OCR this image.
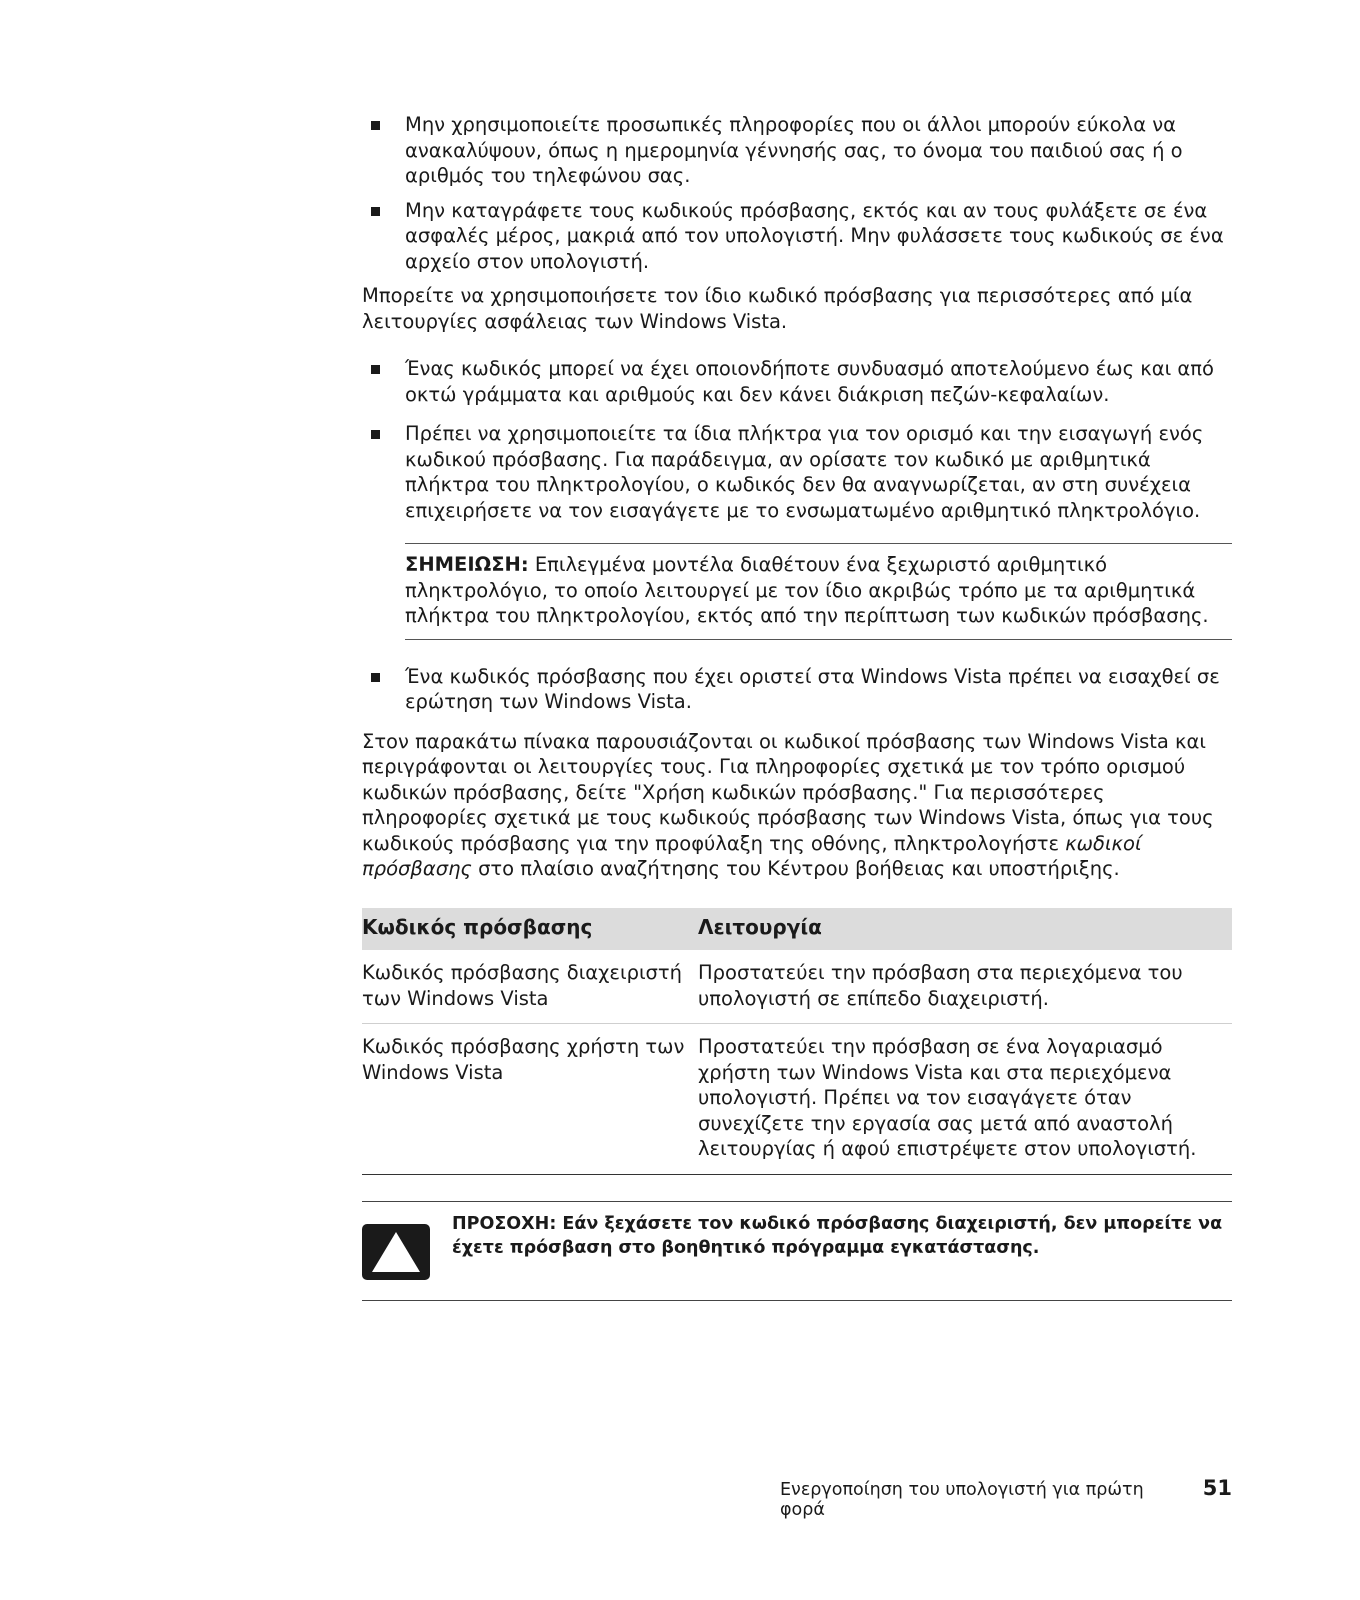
Μην χρησιμοποιείτε προσωπικές πληροφορίες που οι άλλοι μπορούν εύκολα να ανακαλύψουν, όπως η ημερομηνία γέννησής σας, το όνομα του παιδιού σας ή ο αριθμός του τηλεφώνου σας.
Μην καταγράφετε τους κωδικούς πρόσβασης, εκτός και αν τους φυλάξετε σε ένα ασφαλές μέρος, μακριά από τον υπολογιστή. Μην φυλάσσετε τους κωδικούς σε ένα αρχείο στον υπολογιστή.

Μπορείτε να χρησιμοποιήσετε τον ίδιο κωδικό πρόσβασης για περισσότερες από μία λειτουργίες ασφάλειας των Windows Vista.

Ένας κωδικός μπορεί να έχει οποιονδήποτε συνδυασμό αποτελούμενο έως και από οκτώ γράμματα και αριθμούς και δεν κάνει διάκριση πεζών-κεφαλαίων.
Πρέπει να χρησιμοποιείτε τα ίδια πλήκτρα για τον ορισμό και την εισαγωγή ενός κωδικού πρόσβασης. Για παράδειγμα, αν ορίσατε τον κωδικό με αριθμητικά πλήκτρα του πληκτρολογίου, ο κωδικός δεν θα αναγνωρίζεται, αν στη συνέχεια επιχειρήσετε να τον εισαγάγετε με το ενσωματωμένο αριθμητικό πληκτρολόγιο.
ΣΗΜΕΙΩΣΗ: Επιλεγμένα μοντέλα διαθέτουν ένα ξεχωριστό αριθμητικό πληκτρολόγιο, το οποίο λειτουργεί με τον ίδιο ακριβώς τρόπο με τα αριθμητικά πλήκτρα του πληκτρολογίου, εκτός από την περίπτωση των κωδικών πρόσβασης.
Ένα κωδικός πρόσβασης που έχει οριστεί στα Windows Vista πρέπει να εισαχθεί σε ερώτηση των Windows Vista.

Στον παρακάτω πίνακα παρουσιάζονται οι κωδικοί πρόσβασης των Windows Vista και περιγράφονται οι λειτουργίες τους. Για πληροφορίες σχετικά με τον τρόπο ορισμού κωδικών πρόσβασης, δείτε "Χρήση κωδικών πρόσβασης." Για περισσότερες πληροφορίες σχετικά με τους κωδικούς πρόσβασης των Windows Vista, όπως για τους κωδικούς πρόσβασης για την προφύλαξη της οθόνης, πληκτρολογήστε κωδικοί πρόσβασης στο πλαίσιο αναζήτησης του Κέντρου βοήθειας και υποστήριξης.

Κωδικός πρόσβασης	Λειτουργία
Κωδικός πρόσβασης διαχειριστή των Windows Vista	Προστατεύει την πρόσβαση στα περιεχόμενα του υπολογιστή σε επίπεδο διαχειριστή.
Κωδικός πρόσβασης χρήστη των Windows Vista	Προστατεύει την πρόσβαση σε ένα λογαριασμό χρήστη των Windows Vista και στα περιεχόμενα υπολογιστή. Πρέπει να τον εισαγάγετε όταν συνεχίζετε την εργασία σας μετά από αναστολή λειτουργίας ή αφού επιστρέψετε στον υπολογιστή.
ΠΡΟΣΟΧΗ: Εάν ξεχάσετε τον κωδικό πρόσβασης διαχειριστή, δεν μπορείτε να έχετε πρόσβαση στο βοηθητικό πρόγραμμα εγκατάστασης.
Ενεργοποίηση του υπολογιστή για πρώτη φορά
51
